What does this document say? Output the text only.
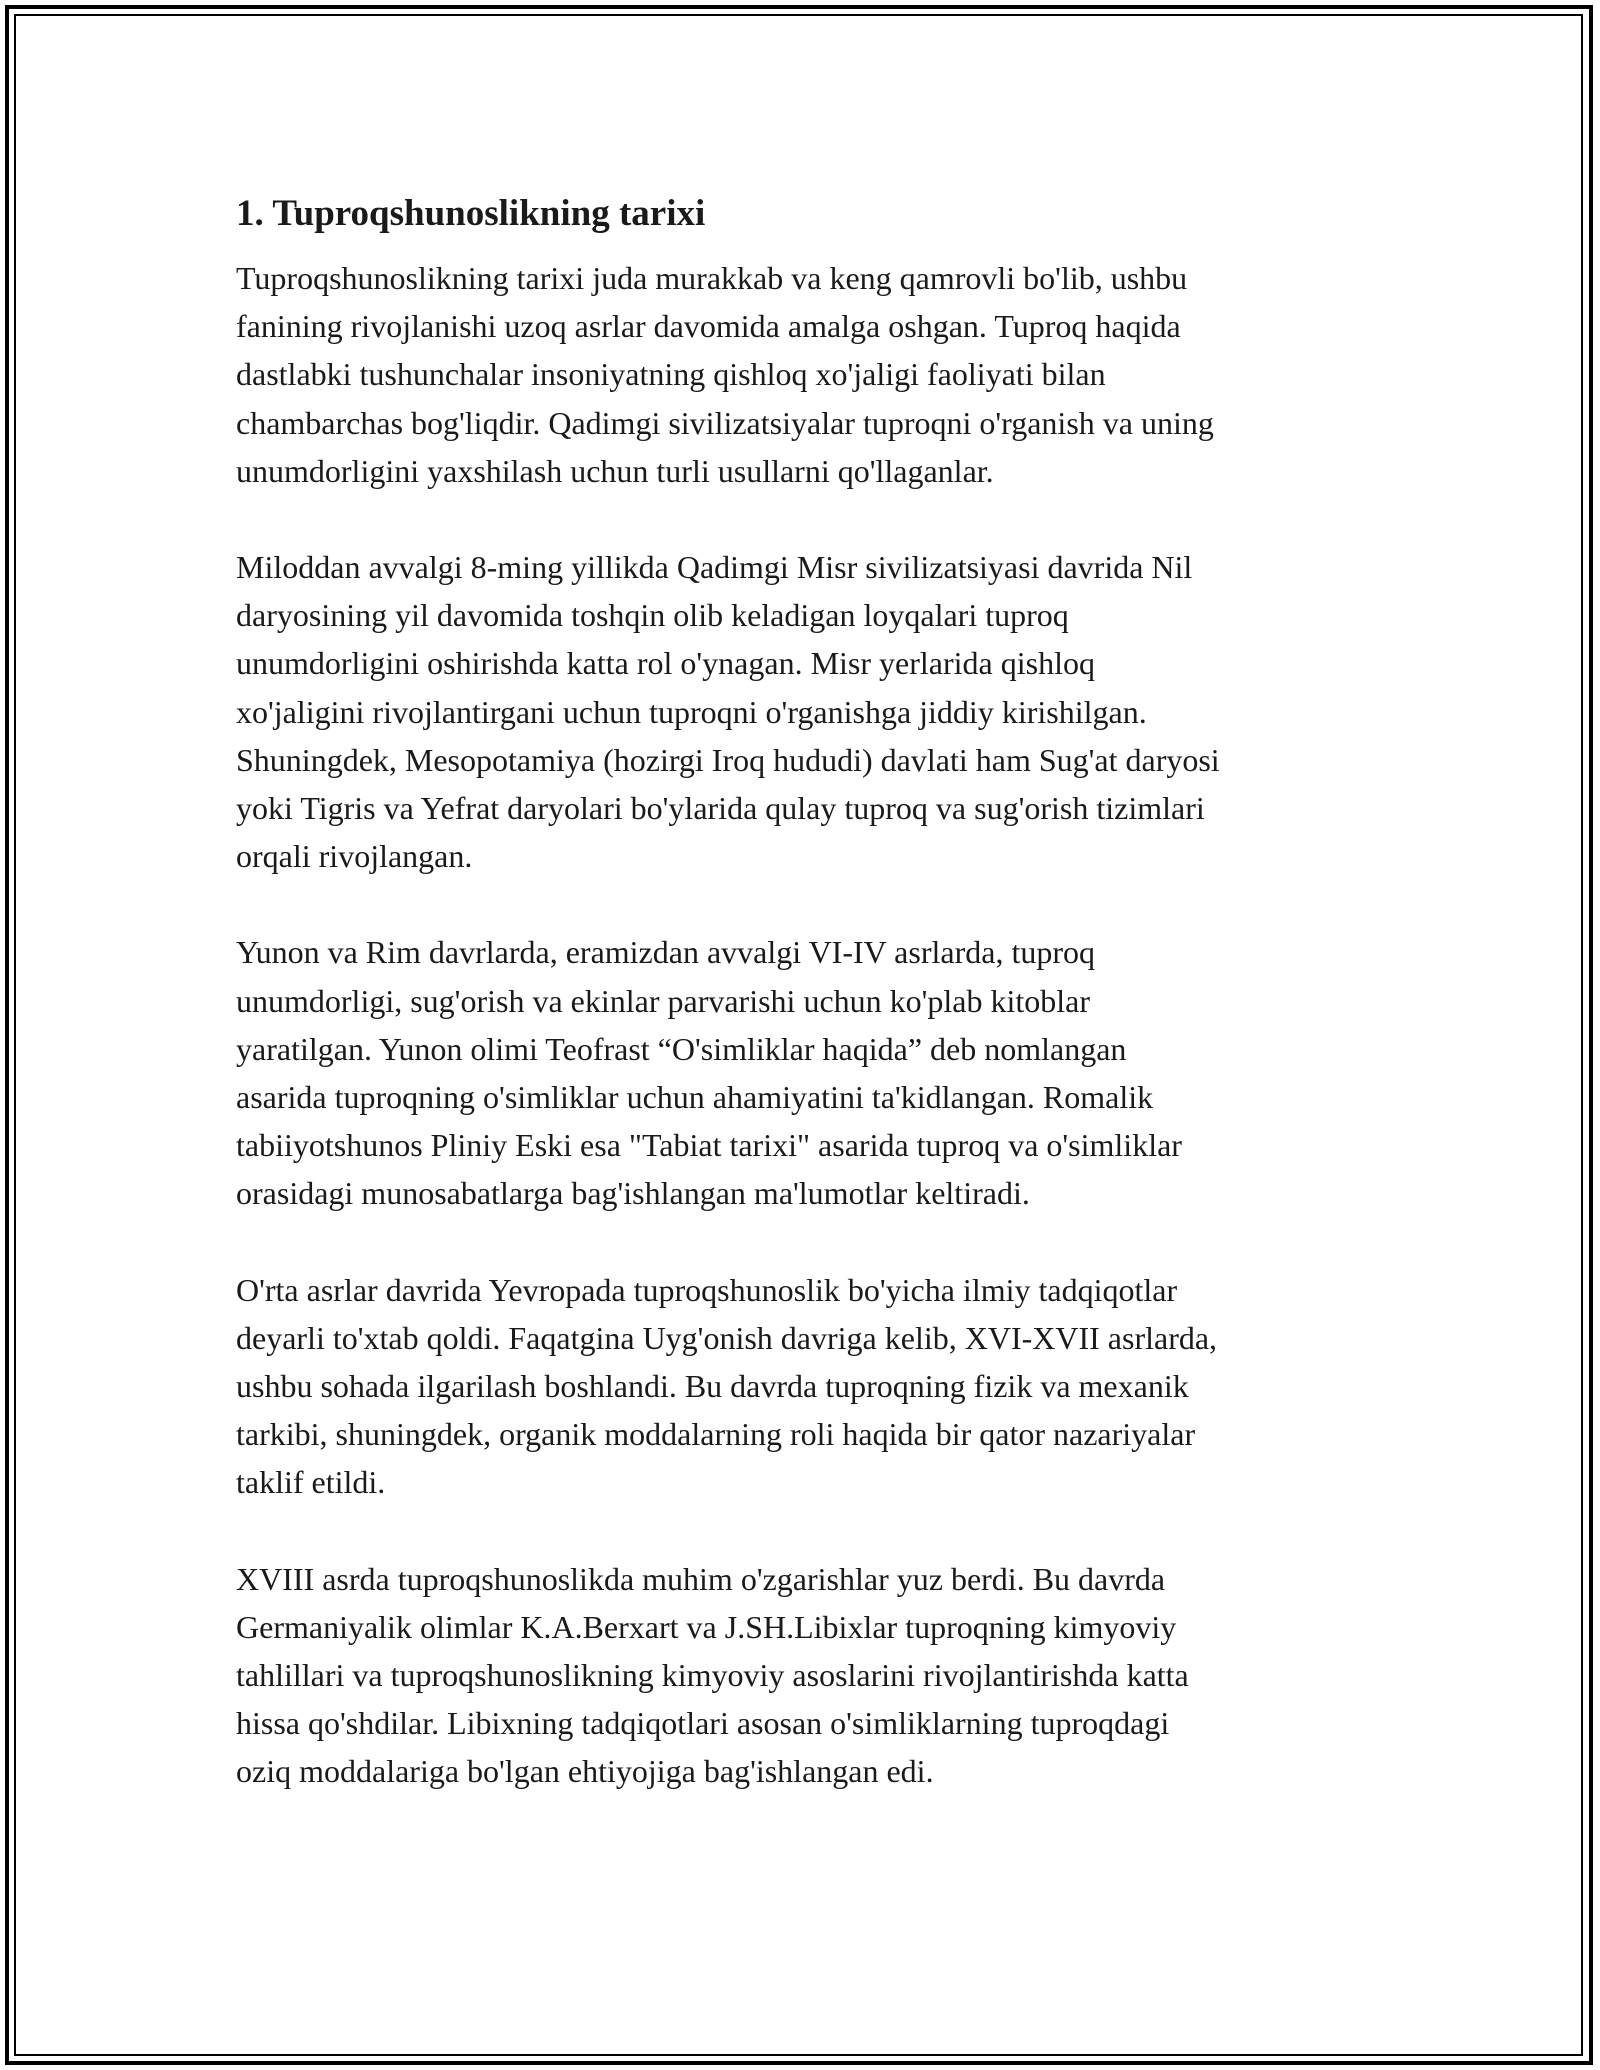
1. Tuproqshunoslikning tarixi

Tuproqshunoslikning tarixi juda murakkab va keng qamrovli bo'lib, ushbu
fanining rivojlanishi uzoq asrlar davomida amalga oshgan. Tuproq haqida
dastlabki tushunchalar insoniyatning qishloq xo'jaligi faoliyati bilan
chambarchas bog'liqdir. Qadimgi sivilizatsiyalar tuproqni o'rganish va uning
unumdorligini yaxshilash uchun turli usullarni qo'llaganlar.

Miloddan avvalgi 8-ming yillikda Qadimgi Misr sivilizatsiyasi davrida Nil
daryosining yil davomida toshqin olib keladigan loyqalari tuproq
unumdorligini oshirishda katta rol o'ynagan. Misr yerlarida qishloq
xo'jaligini rivojlantirgani uchun tuproqni o'rganishga jiddiy kirishilgan.
Shuningdek, Mesopotamiya (hozirgi Iroq hududi) davlati ham Sug'at daryosi
yoki Tigris va Yefrat daryolari bo'ylarida qulay tuproq va sug'orish tizimlari
orqali rivojlangan.

Yunon va Rim davrlarda, eramizdan avvalgi VI-IV asrlarda, tuproq
unumdorligi, sug'orish va ekinlar parvarishi uchun ko'plab kitoblar
yaratilgan. Yunon olimi Teofrast “O'simliklar haqida” deb nomlangan
asarida tuproqning o'simliklar uchun ahamiyatini ta'kidlangan. Romalik
tabiiyotshunos Pliniy Eski esa "Tabiat tarixi" asarida tuproq va o'simliklar
orasidagi munosabatlarga bag'ishlangan ma'lumotlar keltiradi.

O'rta asrlar davrida Yevropada tuproqshunoslik bo'yicha ilmiy tadqiqotlar
deyarli to'xtab qoldi. Faqatgina Uyg'onish davriga kelib, XVI-XVII asrlarda,
ushbu sohada ilgarilash boshlandi. Bu davrda tuproqning fizik va mexanik
tarkibi, shuningdek, organik moddalarning roli haqida bir qator nazariyalar
taklif etildi.

XVIII asrda tuproqshunoslikda muhim o'zgarishlar yuz berdi. Bu davrda
Germaniyalik olimlar K.A.Berxart va J.SH.Libixlar tuproqning kimyoviy
tahlillari va tuproqshunoslikning kimyoviy asoslarini rivojlantirishda katta
hissa qo'shdilar. Libixning tadqiqotlari asosan o'simliklarning tuproqdagi
oziq moddalariga bo'lgan ehtiyojiga bag'ishlangan edi.
